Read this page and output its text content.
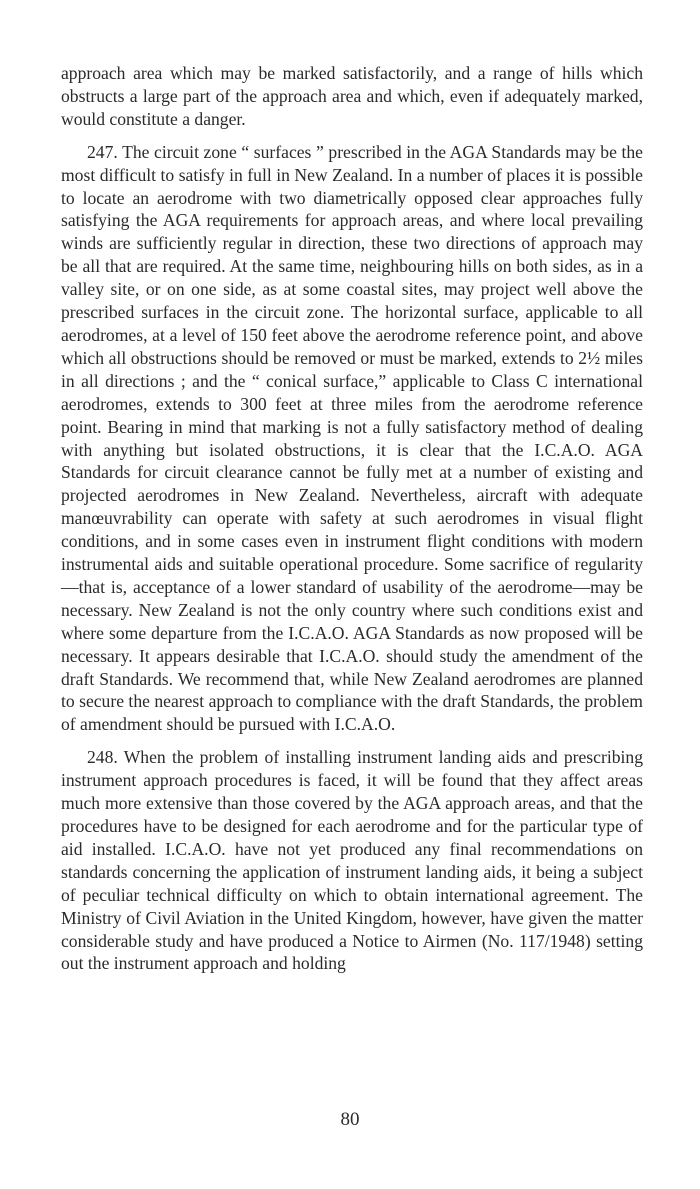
approach area which may be marked satisfactorily, and a range of hills which obstructs a large part of the approach area and which, even if adequately marked, would constitute a danger.

247. The circuit zone “ surfaces ” prescribed in the AGA Standards may be the most difficult to satisfy in full in New Zealand. In a number of places it is possible to locate an aerodrome with two diametrically opposed clear approaches fully satisfying the AGA requirements for approach areas, and where local prevailing winds are sufficiently regular in direction, these two directions of approach may be all that are required. At the same time, neighbouring hills on both sides, as in a valley site, or on one side, as at some coastal sites, may project well above the prescribed surfaces in the circuit zone. The horizontal surface, applicable to all aerodromes, at a level of 150 feet above the aerodrome reference point, and above which all obstructions should be removed or must be marked, extends to 2½ miles in all directions ; and the “ conical surface,” applicable to Class C international aerodromes, extends to 300 feet at three miles from the aerodrome reference point. Bearing in mind that marking is not a fully satisfactory method of dealing with anything but isolated obstructions, it is clear that the I.C.A.O. AGA Standards for circuit clearance cannot be fully met at a number of existing and projected aerodromes in New Zealand. Nevertheless, aircraft with adequate manœuvrability can operate with safety at such aerodromes in visual flight conditions, and in some cases even in instrument flight conditions with modern instrumental aids and suitable operational procedure. Some sacrifice of regularity—that is, acceptance of a lower standard of usability of the aerodrome—may be necessary. New Zealand is not the only country where such conditions exist and where some departure from the I.C.A.O. AGA Standards as now proposed will be necessary. It appears desirable that I.C.A.O. should study the amendment of the draft Standards. We recommend that, while New Zealand aerodromes are planned to secure the nearest approach to compliance with the draft Standards, the problem of amendment should be pursued with I.C.A.O.

248. When the problem of installing instrument landing aids and prescribing instrument approach procedures is faced, it will be found that they affect areas much more extensive than those covered by the AGA approach areas, and that the procedures have to be designed for each aerodrome and for the particular type of aid installed. I.C.A.O. have not yet produced any final recommendations on standards concerning the application of instrument landing aids, it being a subject of peculiar technical difficulty on which to obtain international agreement. The Ministry of Civil Aviation in the United Kingdom, however, have given the matter considerable study and have produced a Notice to Airmen (No. 117/1948) setting out the instrument approach and holding

80
